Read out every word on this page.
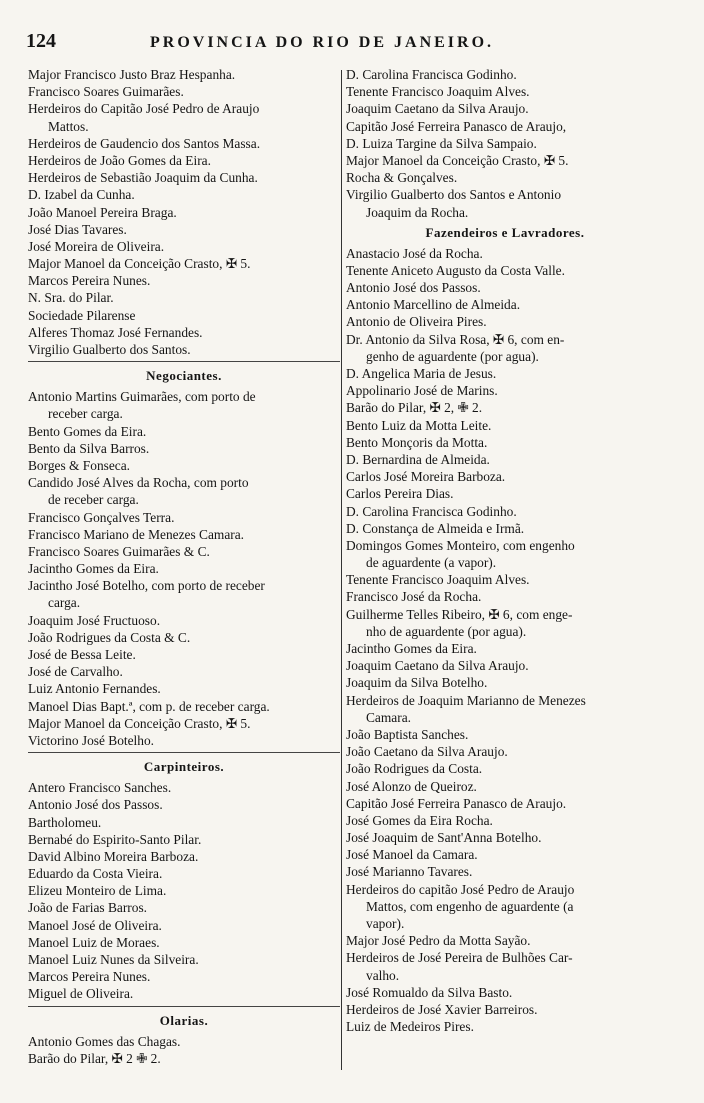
124	PROVINCIA DO RIO DE JANEIRO.
Major Francisco Justo Braz Hespanha.
Francisco Soares Guimarães.
Herdeiros do Capitão José Pedro de Araujo
Mattos.
Herdeiros de Gaudencio dos Santos Massa.
Herdeiros de João Gomes da Eira.
Herdeiros de Sebastião Joaquim da Cunha.
D. Izabel da Cunha.
João Manoel Pereira Braga.
José Dias Tavares.
José Moreira de Oliveira.
Major Manoel da Conceição Crasto, ✠ 5.
Marcos Pereira Nunes.
N. Sra. do Pilar.
Sociedade Pilarense
Alferes Thomaz José Fernandes.
Virgilio Gualberto dos Santos.
Negociantes.
Antonio Martins Guimarães, com porto de
receber carga.
Bento Gomes da Eira.
Bento da Silva Barros.
Borges & Fonseca.
Candido José Alves da Rocha, com porto
de receber carga.
Francisco Gonçalves Terra.
Francisco Mariano de Menezes Camara.
Francisco Soares Guimarães & C.
Jacintho Gomes da Eira.
Jacintho José Botelho, com porto de receber
carga.
Joaquim José Fructuoso.
João Rodrigues da Costa & C.
José de Bessa Leite.
José de Carvalho.
Luiz Antonio Fernandes.
Manoel Dias Bapt.ª, com p. de receber carga.
Major Manoel da Conceição Crasto, ✠ 5.
Victorino José Botelho.
Carpinteiros.
Antero Francisco Sanches.
Antonio José dos Passos.
Bartholomeu.
Bernabé do Espirito-Santo Pilar.
David Albino Moreira Barboza.
Eduardo da Costa Vieira.
Elizeu Monteiro de Lima.
João de Farias Barros.
Manoel José de Oliveira.
Manoel Luiz de Moraes.
Manoel Luiz Nunes da Silveira.
Marcos Pereira Nunes.
Miguel de Oliveira.
Olarias.
Antonio Gomes das Chagas.
Barão do Pilar, ✠ 2 ✙ 2.
D. Carolina Francisca Godinho.
Tenente Francisco Joaquim Alves.
Joaquim Caetano da Silva Araujo.
Capitão José Ferreira Panasco de Araujo,
D. Luiza Targine da Silva Sampaio.
Major Manoel da Conceição Crasto, ✠ 5.
Rocha & Gonçalves.
Virgilio Gualberto dos Santos e Antonio
Joaquim da Rocha.
Fazendeiros e Lavradores.
Anastacio José da Rocha.
Tenente Aniceto Augusto da Costa Valle.
Antonio José dos Passos.
Antonio Marcellino de Almeida.
Antonio de Oliveira Pires.
Dr. Antonio da Silva Rosa, ✠ 6, com en-
genho de aguardente (por agua).
D. Angelica Maria de Jesus.
Appolinario José de Marins.
Barão do Pilar, ✠ 2, ✙ 2.
Bento Luiz da Motta Leite.
Bento Monçoris da Motta.
D. Bernardina de Almeida.
Carlos José Moreira Barboza.
Carlos Pereira Dias.
D. Carolina Francisca Godinho.
D. Constança de Almeida e Irmã.
Domingos Gomes Monteiro, com engenho
de aguardente (a vapor).
Tenente Francisco Joaquim Alves.
Francisco José da Rocha.
Guilherme Telles Ribeiro, ✠ 6, com enge-
nho de aguardente (por agua).
Jacintho Gomes da Eira.
Joaquim Caetano da Silva Araujo.
Joaquim da Silva Botelho.
Herdeiros de Joaquim Marianno de Menezes
Camara.
João Baptista Sanches.
João Caetano da Silva Araujo.
João Rodrigues da Costa.
José Alonzo de Queiroz.
Capitão José Ferreira Panasco de Araujo.
José Gomes da Eira Rocha.
José Joaquim de Sant'Anna Botelho.
José Manoel da Camara.
José Marianno Tavares.
Herdeiros do capitão José Pedro de Araujo
Mattos, com engenho de aguardente (a
vapor).
Major José Pedro da Motta Sayão.
Herdeiros de José Pereira de Bulhões Car-
valho.
José Romualdo da Silva Basto.
Herdeiros de José Xavier Barreiros.
Luiz de Medeiros Pires.
